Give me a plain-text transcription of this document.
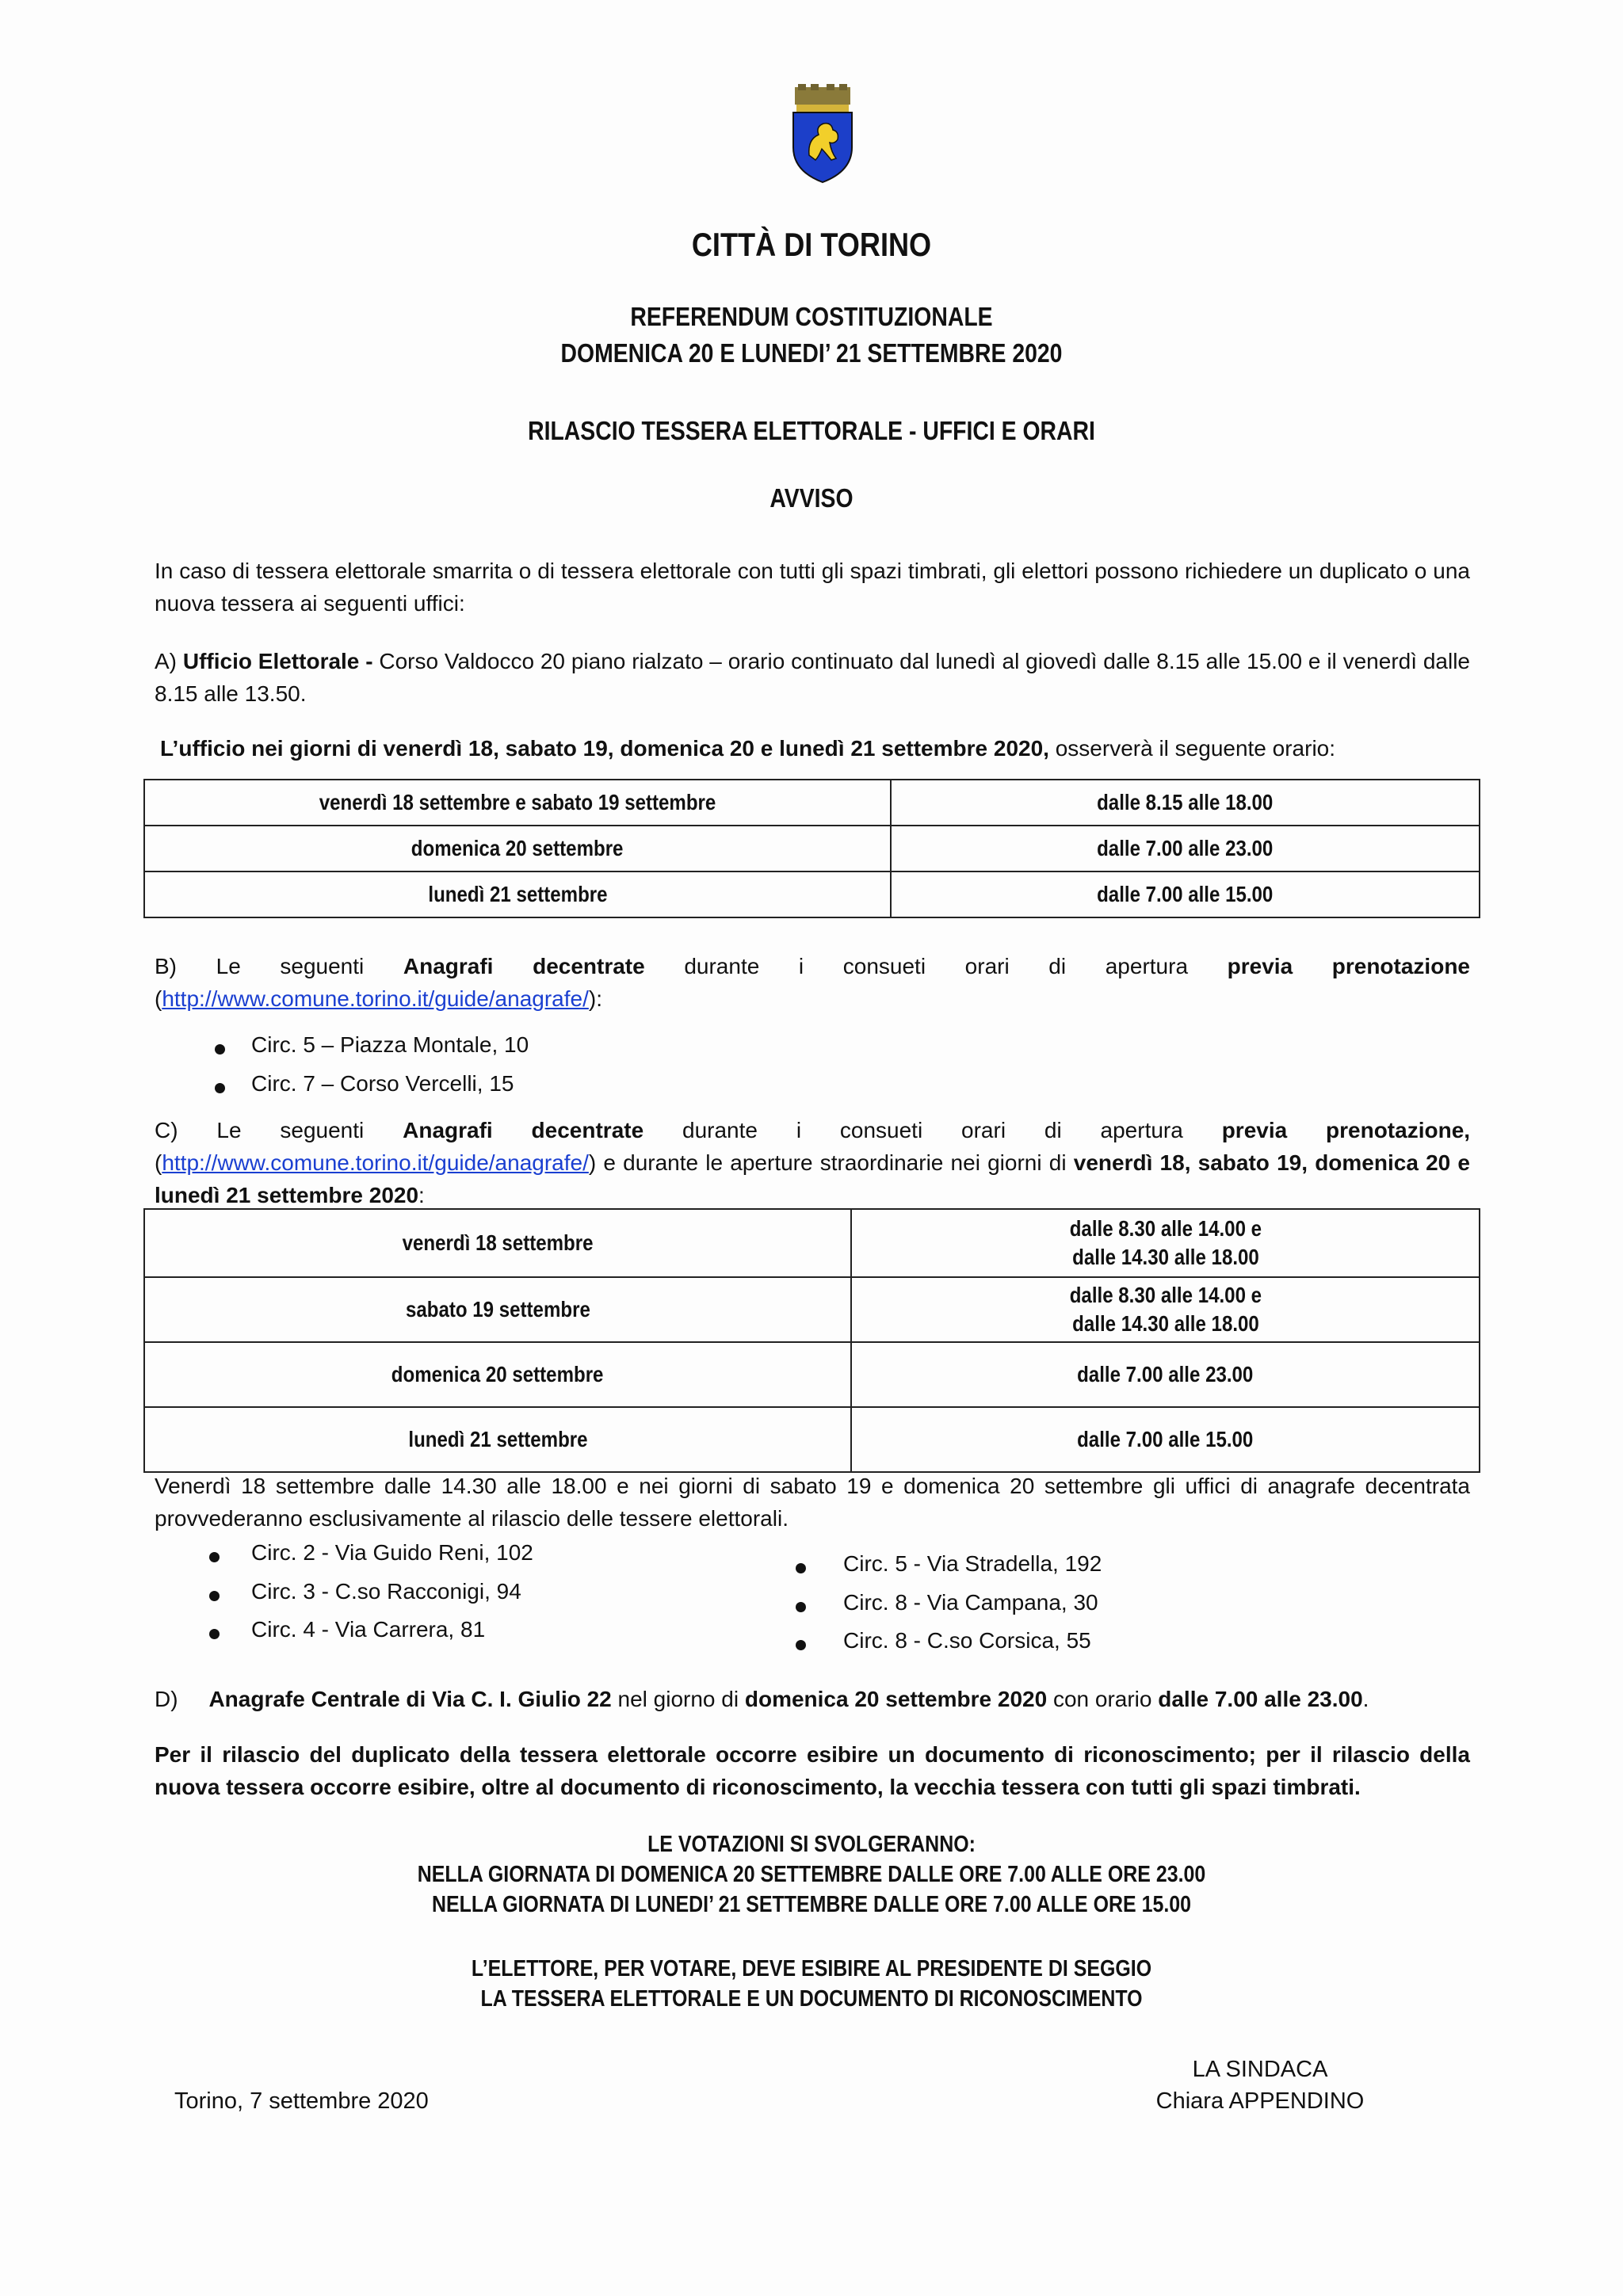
CITTÀ DI TORINO
REFERENDUM COSTITUZIONALE
DOMENICA 20 E LUNEDI’ 21 SETTEMBRE 2020
RILASCIO TESSERA ELETTORALE - UFFICI E ORARI
AVVISO
In caso di tessera elettorale smarrita o di tessera elettorale con tutti gli spazi timbrati, gli elettori possono richiedere un duplicato o una nuova tessera ai seguenti uffici:
A) Ufficio Elettorale - Corso Valdocco 20 piano rialzato – orario continuato dal lunedì al giovedì dalle 8.15 alle 15.00 e il venerdì dalle 8.15 alle 13.50.
L’ufficio nei giorni di venerdì 18, sabato 19, domenica 20 e lunedì 21 settembre 2020, osserverà il seguente orario:
venerdì 18 settembre e sabato 19 settembre	dalle 8.15 alle 18.00
domenica 20 settembre	dalle 7.00 alle 23.00
lunedì 21 settembre	dalle 7.00 alle 15.00
B) Le seguenti Anagrafi decentrate durante i consueti orari di apertura previa prenotazione
(http://www.comune.torino.it/guide/anagrafe/):
Circ. 5 – Piazza Montale, 10
Circ. 7 – Corso Vercelli, 15
C) Le seguenti Anagrafi decentrate durante i consueti orari di apertura previa prenotazione,
(http://www.comune.torino.it/guide/anagrafe/) e durante le aperture straordinarie nei giorni di venerdì 18, sabato 19, domenica 20 e lunedì 21 settembre 2020:
venerdì 18 settembre	dalle 8.30 alle 14.00 e
dalle 14.30 alle 18.00
sabato 19 settembre	dalle 8.30 alle 14.00 e
dalle 14.30 alle 18.00
domenica 20 settembre	dalle 7.00 alle 23.00
lunedì 21 settembre	dalle 7.00 alle 15.00
Venerdì 18 settembre dalle 14.30 alle 18.00 e nei giorni di sabato 19 e domenica 20 settembre gli uffici di anagrafe decentrata provvederanno esclusivamente al rilascio delle tessere elettorali.
Circ. 2 - Via Guido Reni, 102
Circ. 3 - C.so Racconigi, 94
Circ. 4 - Via Carrera, 81
Circ. 5 - Via Stradella, 192
Circ. 8 - Via Campana, 30
Circ. 8 - C.so Corsica, 55
D) Anagrafe Centrale di Via C. I. Giulio 22 nel giorno di domenica 20 settembre 2020 con orario dalle 7.00 alle 23.00.
Per il rilascio del duplicato della tessera elettorale occorre esibire un documento di riconoscimento; per il rilascio della nuova tessera occorre esibire, oltre al documento di riconoscimento, la vecchia tessera con tutti gli spazi timbrati.
LE VOTAZIONI SI SVOLGERANNO:
NELLA GIORNATA DI DOMENICA 20 SETTEMBRE DALLE ORE 7.00 ALLE ORE 23.00
NELLA GIORNATA DI LUNEDI’ 21 SETTEMBRE DALLE ORE 7.00 ALLE ORE 15.00
L’ELETTORE, PER VOTARE, DEVE ESIBIRE AL PRESIDENTE DI SEGGIO
LA TESSERA ELETTORALE E UN DOCUMENTO DI RICONOSCIMENTO
Torino, 7 settembre 2020
LA SINDACA
Chiara APPENDINO
